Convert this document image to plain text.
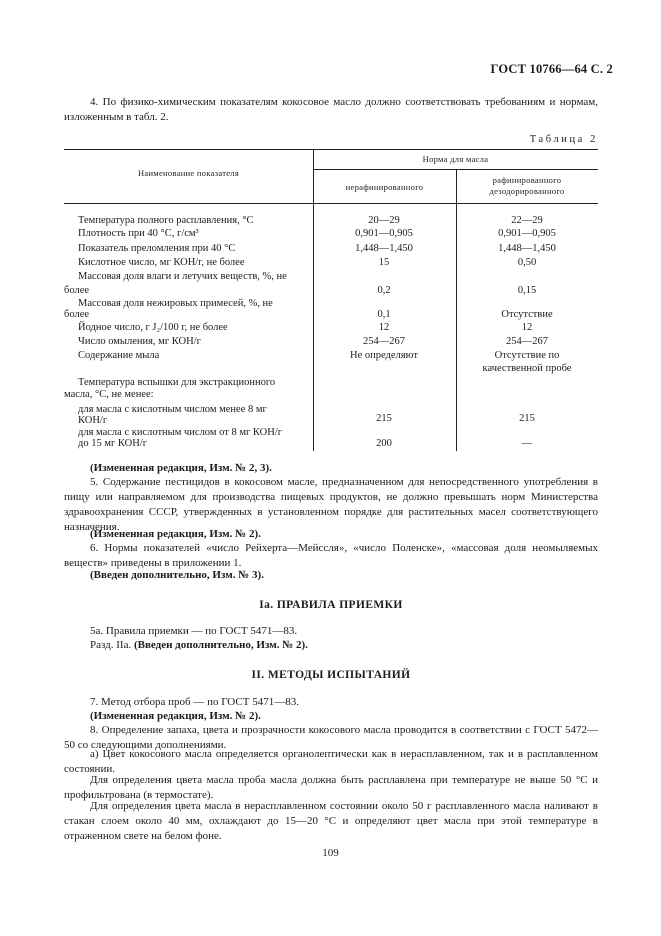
ГОСТ 10766—64 С. 2

4. По физико-химическим показателям кокосовое масло должно соответствовать требованиям и нормам, изложенным в табл. 2.

Таблица 2
Наименование показателя
Норма для масла
нерафинированного
рафинированного
дезодорированного
Температура полного расплавления, °С	20—29	22—29
Плотность при 40 °С, г/см³	0,901—0,905	0,901—0,905
Показатель преломления при 40 °С	1,448—1,450	1,448—1,450
Кислотное число, мг КОН/г, не более	15	0,50
Массовая доля влаги и летучих веществ, %, не
более	0,2	0,15
Массовая доля нежировых примесей, %, не
более	0,1	Отсутствие
Йодное число, г J₂/100 г, не более	12	12
Число омыления, мг КОН/г	254—267	254—267
Содержание мыла	Не определяют	Отсутствие по
качественной пробе
Температура вспышки для экстракционного
масла, °С, не менее:
для масла с кислотным числом менее 8 мг
КОН/г	215	215
для масла с кислотным числом от 8 мг КОН/г
до 15 мг КОН/г	200	—

(Измененная редакция, Изм. № 2, 3).

5. Содержание пестицидов в кокосовом масле, предназначенном для непосредственного употребления в пищу или направляемом для производства пищевых продуктов, не должно превышать норм Министерства здравоохранения СССР, утвержденных в установленном порядке для растительных масел соответствующего назначения.

(Измененная редакция, Изм. № 2).

6. Нормы показателей «число Рейхерта—Мейссля», «число Поленске», «массовая доля неомыляемых веществ» приведены в приложении 1.

(Введен дополнительно, Изм. № 3).

Ia. ПРАВИЛА ПРИЕМКИ

5а. Правила приемки — по ГОСТ 5471—83.

Разд. IIа. (Введен дополнительно, Изм. № 2).

II. МЕТОДЫ ИСПЫТАНИЙ

7. Метод отбора проб — по ГОСТ 5471—83.

(Измененная редакция, Изм. № 2).

8. Определение запаха, цвета и прозрачности кокосового масла проводится в соответствии с ГОСТ 5472—50 со следующими дополнениями.

а) Цвет кокосового масла определяется органолептически как в нерасплавленном, так и в расплавленном состоянии.

Для определения цвета масла проба масла должна быть расплавлена при температуре не выше 50 °С и профильтрована (в термостате).

Для определения цвета масла в нерасплавленном состоянии около 50 г расплавленного масла наливают в стакан слоем около 40 мм, охлаждают до 15—20 °С и определяют цвет масла при этой температуре в отраженном свете на белом фоне.

109
